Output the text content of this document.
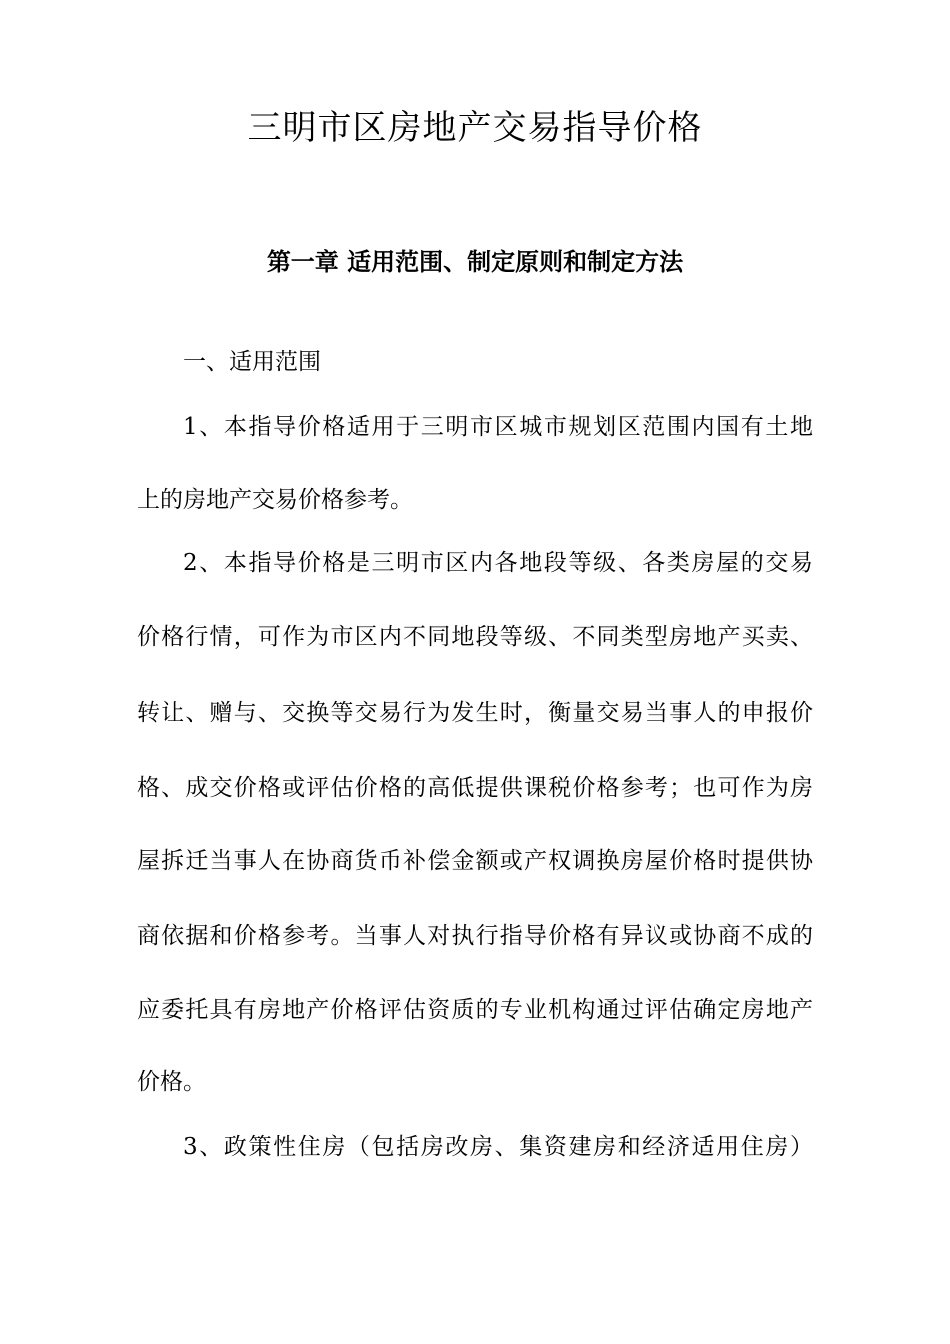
三明市区房地产交易指导价格
第一章 适用范围、制定原则和制定方法

一、适用范围

1、本指导价格适用于三明市区城市规划区范围内国有土地

上的房地产交易价格参考。

2、本指导价格是三明市区内各地段等级、各类房屋的交易

价格行情，可作为市区内不同地段等级、不同类型房地产买卖、

转让、赠与、交换等交易行为发生时，衡量交易当事人的申报价

格、成交价格或评估价格的高低提供课税价格参考；也可作为房

屋拆迁当事人在协商货币补偿金额或产权调换房屋价格时提供协

商依据和价格参考。当事人对执行指导价格有异议或协商不成的

应委托具有房地产价格评估资质的专业机构通过评估确定房地产

价格。

3、政策性住房（包括房改房、集资建房和经济适用住房）
